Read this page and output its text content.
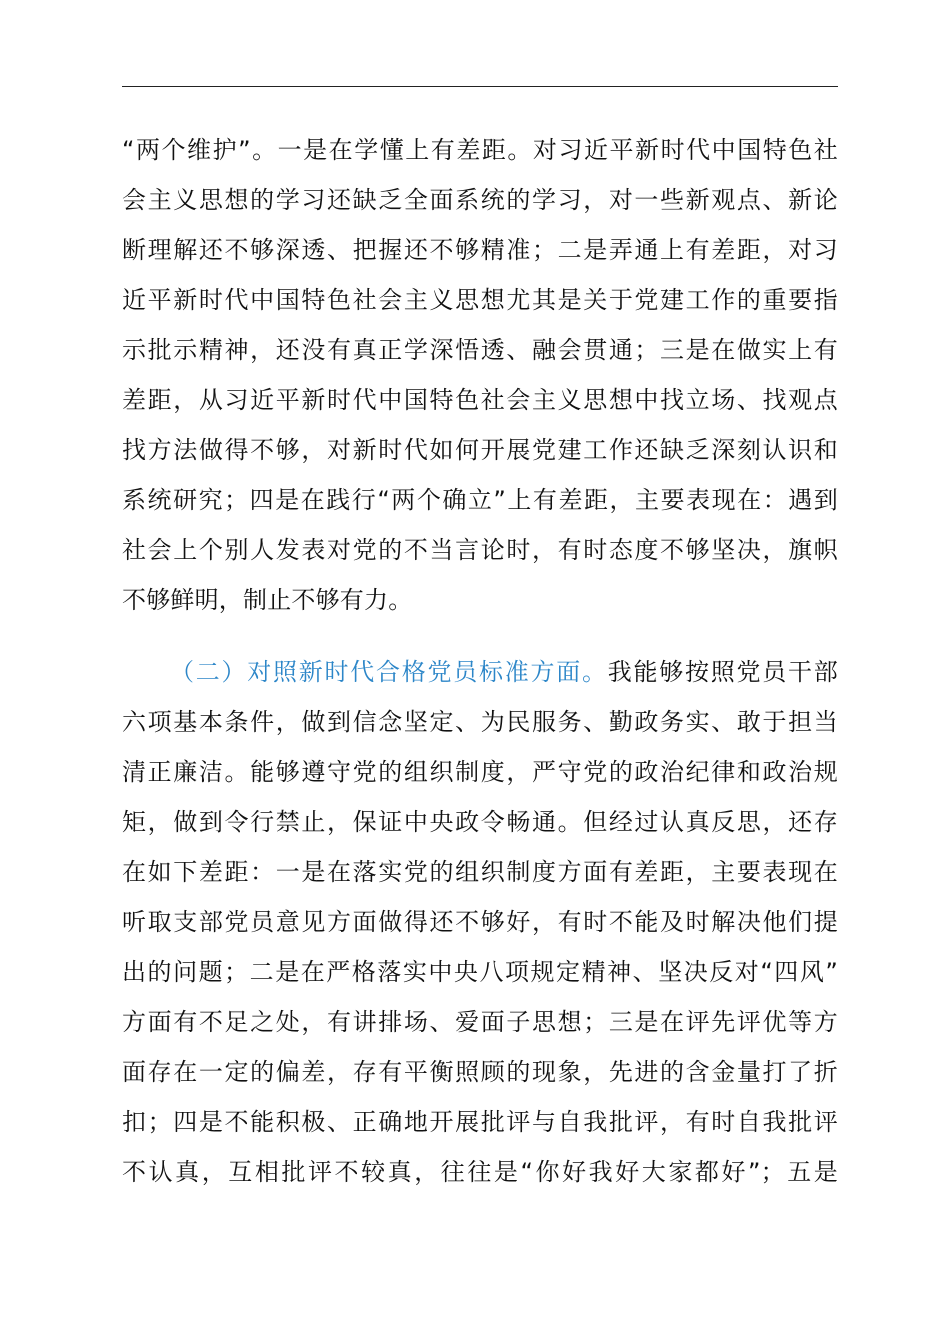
“两个维护”。一是在学懂上有差距。对习近平新时代中国特色社
会主义思想的学习还缺乏全面系统的学习，对一些新观点、新论
断理解还不够深透、把握还不够精准；二是弄通上有差距，对习
近平新时代中国特色社会主义思想尤其是关于党建工作的重要指
示批示精神，还没有真正学深悟透、融会贯通；三是在做实上有
差距，从习近平新时代中国特色社会主义思想中找立场、找观点
找方法做得不够，对新时代如何开展党建工作还缺乏深刻认识和
系统研究；四是在践行“两个确立”上有差距，主要表现在：遇到
社会上个别人发表对党的不当言论时，有时态度不够坚决，旗帜
不够鲜明，制止不够有力。
（二）对照新时代合格党员标准方面。我能够按照党员干部
六项基本条件，做到信念坚定、为民服务、勤政务实、敢于担当
清正廉洁。能够遵守党的组织制度，严守党的政治纪律和政治规
矩，做到令行禁止，保证中央政令畅通。但经过认真反思，还存
在如下差距：一是在落实党的组织制度方面有差距，主要表现在
听取支部党员意见方面做得还不够好，有时不能及时解决他们提
出的问题；二是在严格落实中央八项规定精神、坚决反对“四风”
方面有不足之处，有讲排场、爱面子思想；三是在评先评优等方
面存在一定的偏差，存有平衡照顾的现象，先进的含金量打了折
扣；四是不能积极、正确地开展批评与自我批评，有时自我批评
不认真，互相批评不较真，往往是“你好我好大家都好”；五是
